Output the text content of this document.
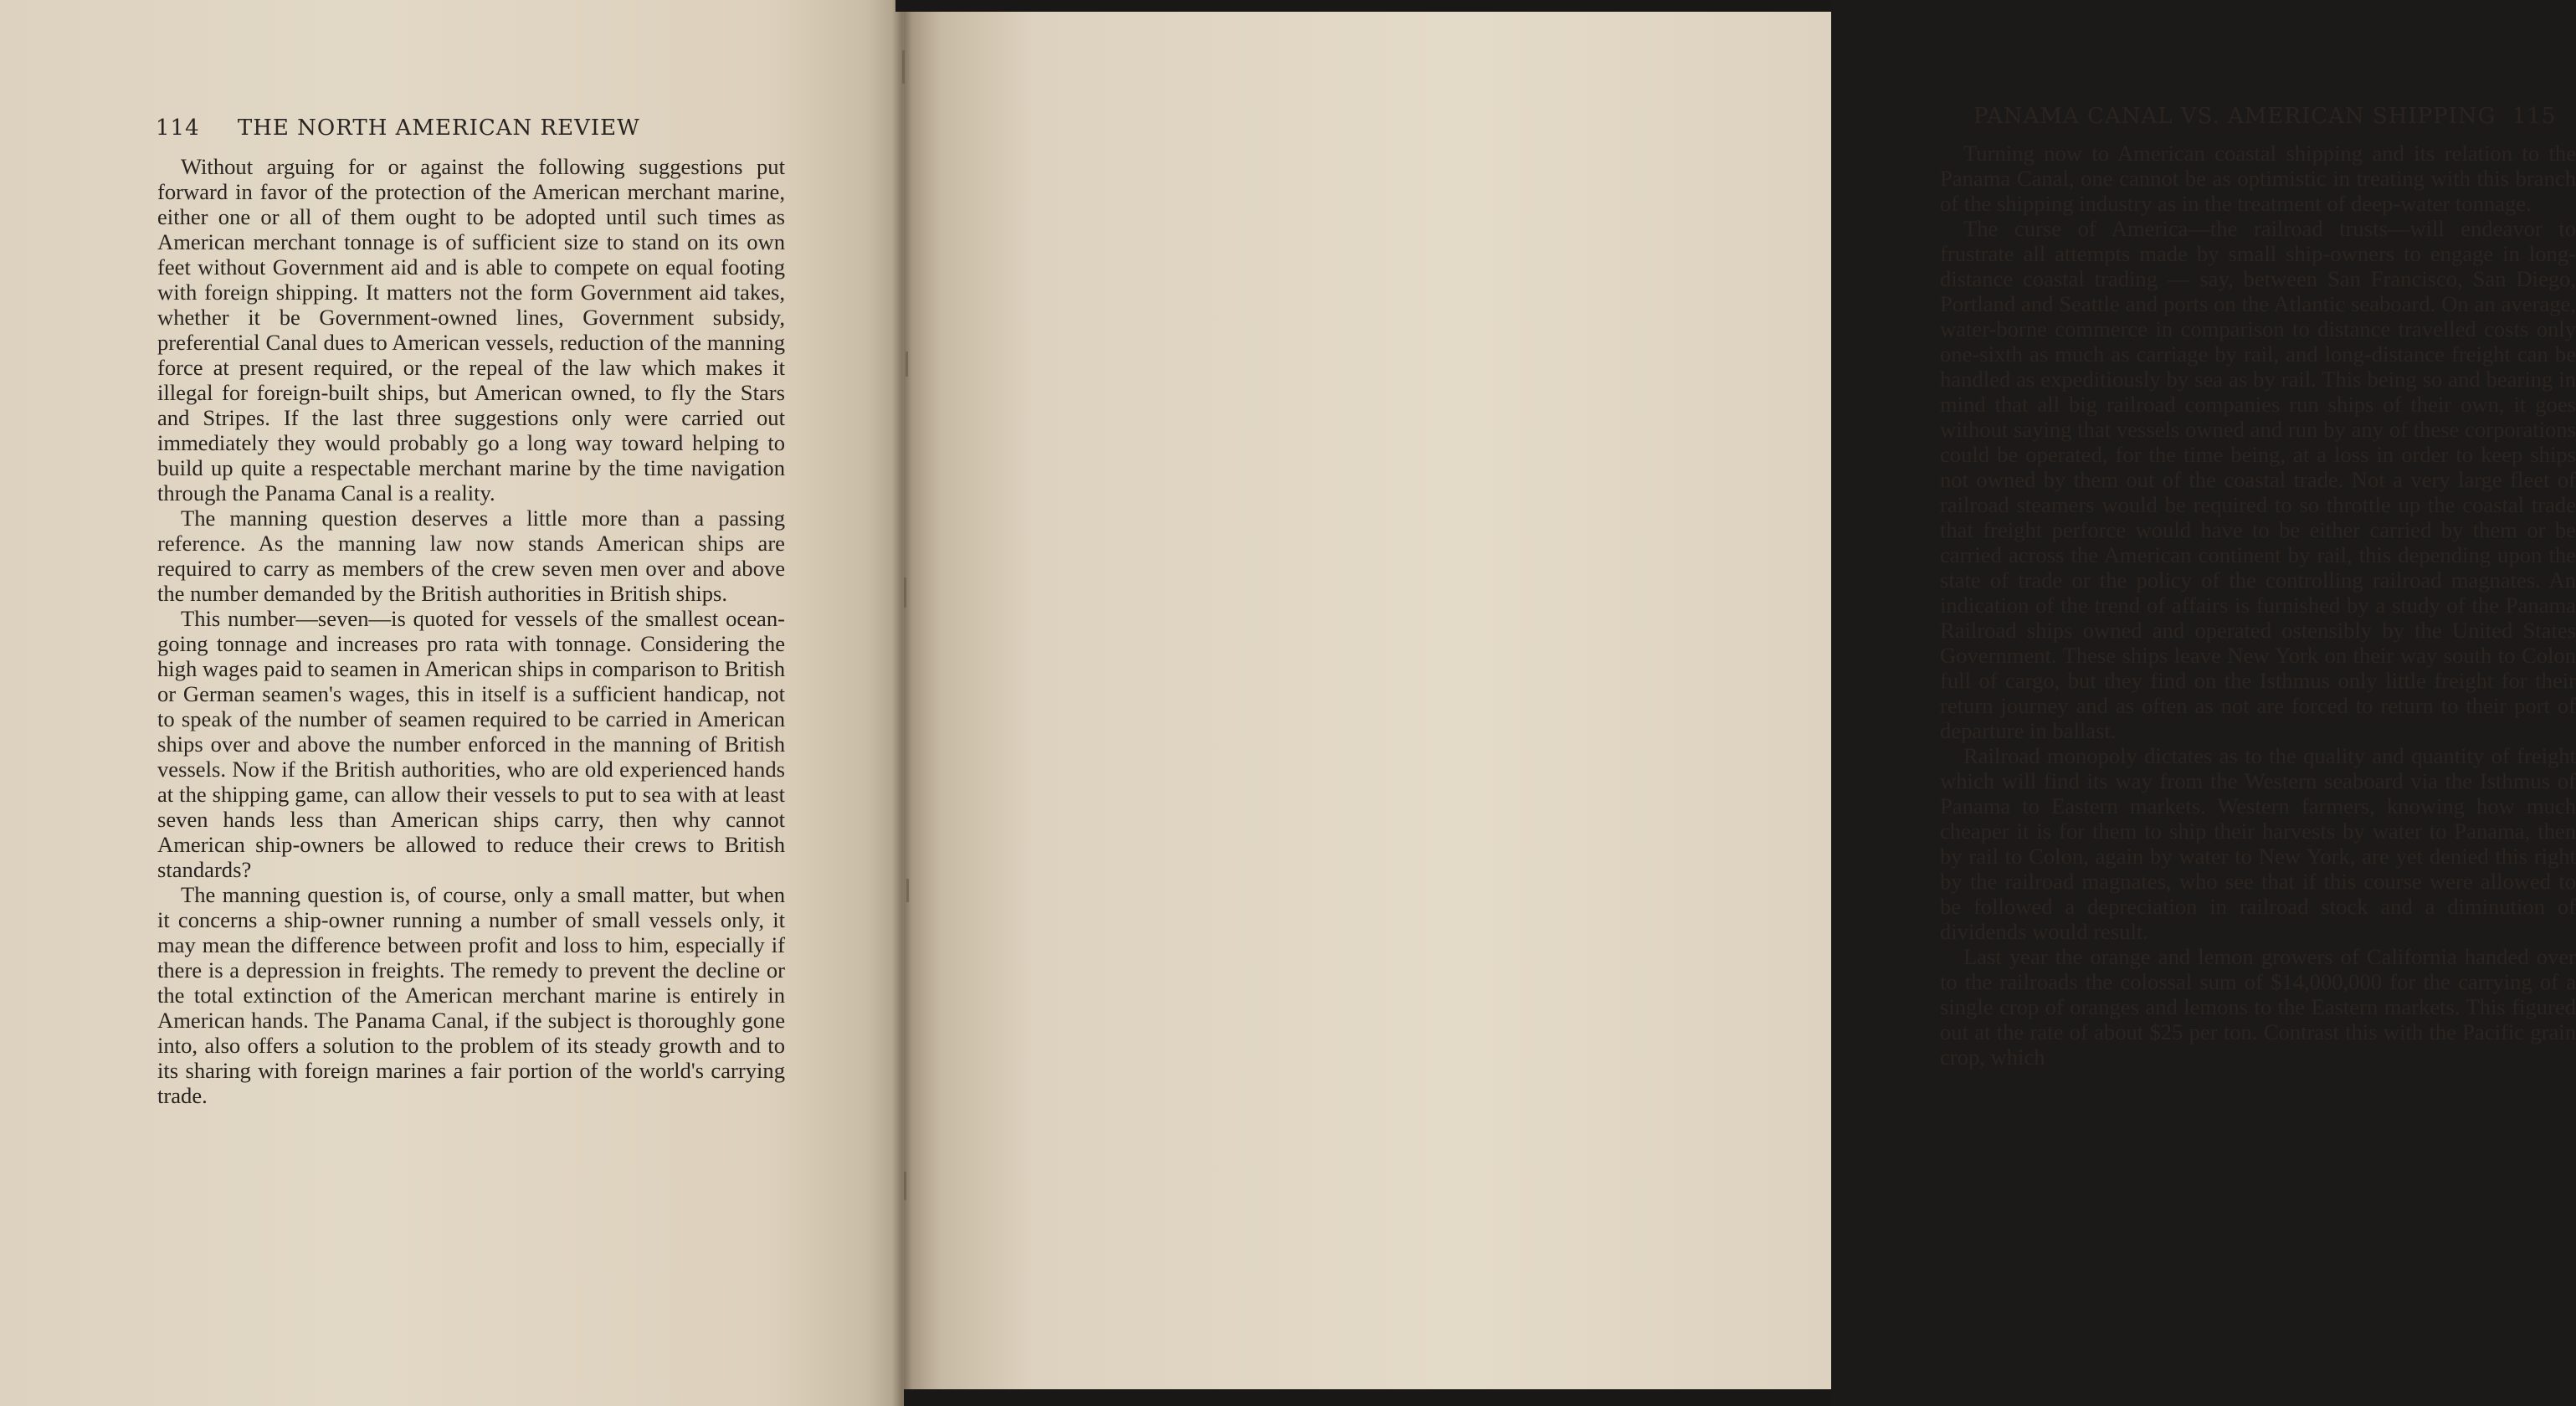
114 THE NORTH AMERICAN REVIEW

Without arguing for or against the following suggestions put forward in favor of the protection of the American merchant marine, either one or all of them ought to be adopted until such times as American merchant tonnage is of sufficient size to stand on its own feet without Government aid and is able to compete on equal footing with foreign shipping. It matters not the form Government aid takes, whether it be Government-owned lines, Government subsidy, preferential Canal dues to American vessels, reduction of the manning force at present required, or the repeal of the law which makes it illegal for foreign-built ships, but American owned, to fly the Stars and Stripes. If the last three suggestions only were carried out immediately they would probably go a long way toward helping to build up quite a respectable merchant marine by the time navigation through the Panama Canal is a reality.

The manning question deserves a little more than a passing reference. As the manning law now stands American ships are required to carry as members of the crew seven men over and above the number demanded by the British authorities in British ships.

This number—seven—is quoted for vessels of the smallest ocean-going tonnage and increases pro rata with tonnage. Considering the high wages paid to seamen in American ships in comparison to British or German seamen's wages, this in itself is a sufficient handicap, not to speak of the number of seamen required to be carried in American ships over and above the number enforced in the manning of British vessels. Now if the British authorities, who are old experienced hands at the shipping game, can allow their vessels to put to sea with at least seven hands less than American ships carry, then why cannot American ship-owners be allowed to reduce their crews to British standards?

The manning question is, of course, only a small matter, but when it concerns a ship-owner running a number of small vessels only, it may mean the difference between profit and loss to him, especially if there is a depression in freights. The remedy to prevent the decline or the total extinction of the American merchant marine is entirely in American hands. The Panama Canal, if the subject is thoroughly gone into, also offers a solution to the problem of its steady growth and to its sharing with foreign marines a fair portion of the world's carrying trade.

PANAMA CANAL VS. AMERICAN SHIPPING 115

Turning now to American coastal shipping and its relation to the Panama Canal, one cannot be as optimistic in treating with this branch of the shipping industry as in the treatment of deep-water tonnage.

The curse of America—the railroad trusts—will endeavor to frustrate all attempts made by small ship-owners to engage in long-distance coastal trading — say, between San Francisco, San Diego, Portland and Seattle and ports on the Atlantic seaboard. On an average, water-borne commerce in comparison to distance travelled costs only one-sixth as much as carriage by rail, and long-distance freight can be handled as expeditiously by sea as by rail. This being so and bearing in mind that all big railroad companies run ships of their own, it goes without saying that vessels owned and run by any of these corporations could be operated, for the time being, at a loss in order to keep ships not owned by them out of the coastal trade. Not a very large fleet of railroad steamers would be required to so throttle up the coastal trade that freight perforce would have to be either carried by them or be carried across the American continent by rail, this depending upon the state of trade or the policy of the controlling railroad magnates. An indication of the trend of affairs is furnished by a study of the Panama Railroad ships owned and operated ostensibly by the United States Government. These ships leave New York on their way south to Colon full of cargo, but they find on the Isthmus only little freight for their return journey and as often as not are forced to return to their port of departure in ballast.

Railroad monopoly dictates as to the quality and quantity of freight which will find its way from the Western seaboard via the Isthmus of Panama to Eastern markets. Western farmers, knowing how much cheaper it is for them to ship their harvests by water to Panama, then by rail to Colon, again by water to New York, are yet denied this right by the railroad magnates, who see that if this course were allowed to be followed a depreciation in railroad stock and a diminution of dividends would result.

Last year the orange and lemon growers of California handed over to the railroads the colossal sum of $14,000,000 for the carrying of a single crop of oranges and lemons to the Eastern markets. This figured out at the rate of about $25 per ton. Contrast this with the Pacific grain crop, which
